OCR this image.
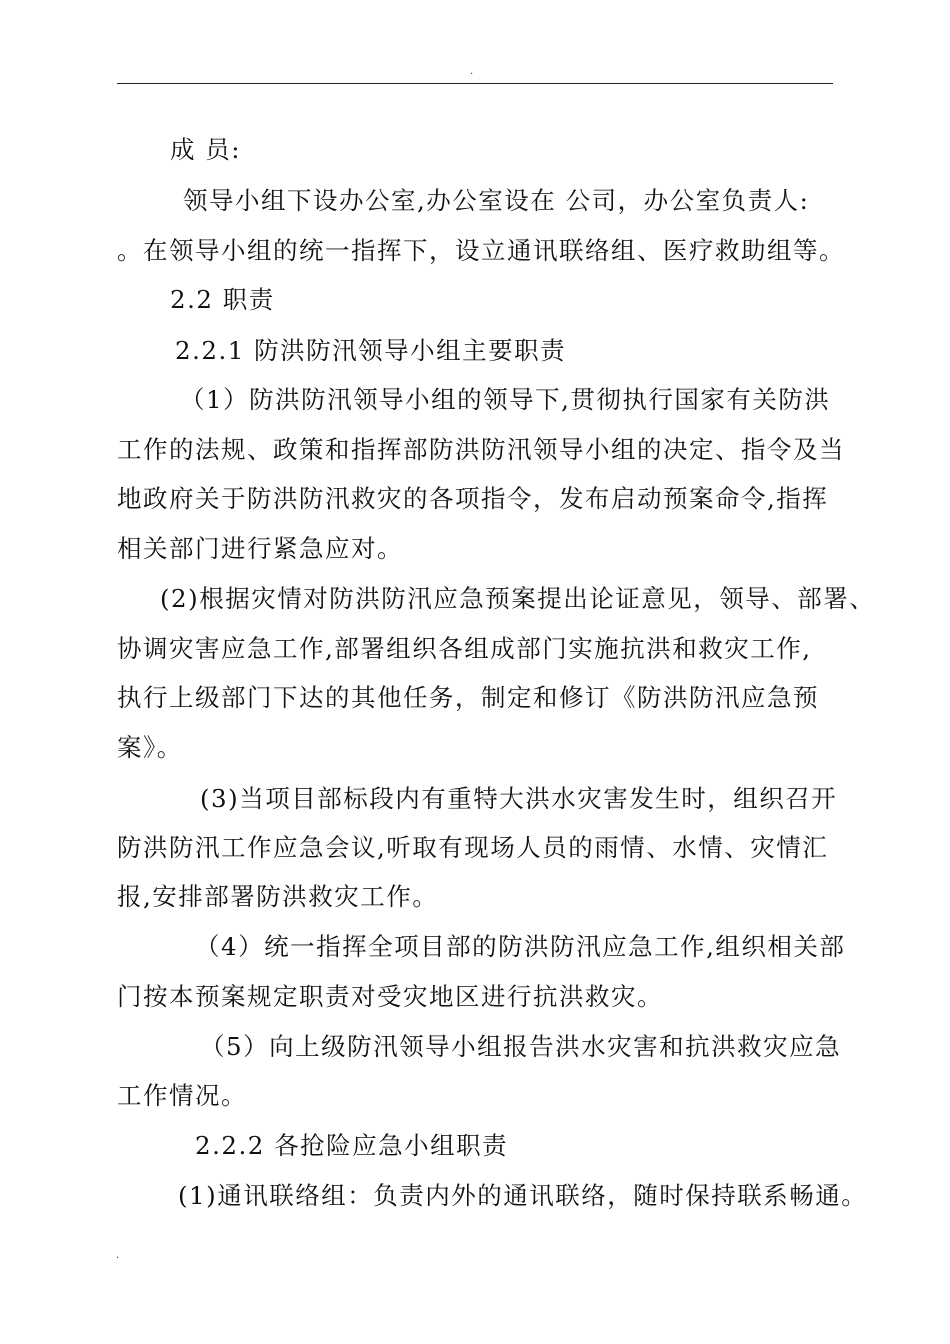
.
成 员:
领导小组下设办公室,办公室设在 公司，办公室负责人:
。在领导小组的统一指挥下，设立通讯联络组、医疗救助组等。
2.2 职责
2.2.1 防洪防汛领导小组主要职责
（1）防洪防汛领导小组的领导下,贯彻执行国家有关防洪
工作的法规、政策和指挥部防洪防汛领导小组的决定、指令及当
地政府关于防洪防汛救灾的各项指令，发布启动预案命令,指挥
相关部门进行紧急应对。
(2)根据灾情对防洪防汛应急预案提出论证意见，领导、部署、
协调灾害应急工作,部署组织各组成部门实施抗洪和救灾工作,
执行上级部门下达的其他任务，制定和修订《防洪防汛应急预
案》。
(3)当项目部标段内有重特大洪水灾害发生时，组织召开
防洪防汛工作应急会议,听取有现场人员的雨情、水情、灾情汇
报,安排部署防洪救灾工作。
（4）统一指挥全项目部的防洪防汛应急工作,组织相关部
门按本预案规定职责对受灾地区进行抗洪救灾。
（5）向上级防汛领导小组报告洪水灾害和抗洪救灾应急
工作情况。
2.2.2 各抢险应急小组职责
(1)通讯联络组：负责内外的通讯联络，随时保持联系畅通。
.
